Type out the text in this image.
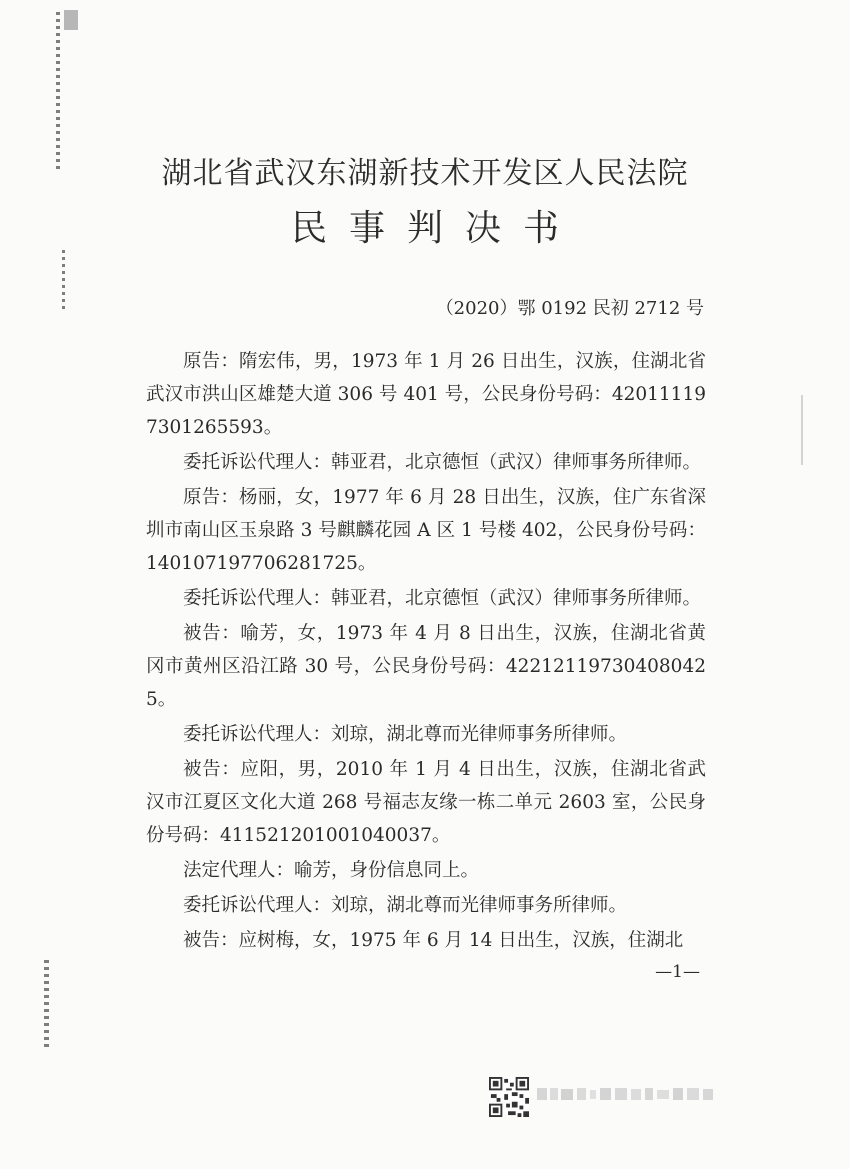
湖北省武汉东湖新技术开发区人民法院
民事判决书
（2020）鄂 0192 民初 2712 号

原告：隋宏伟，男，1973 年 1 月 26 日出生，汉族，住湖北省武汉市洪山区雄楚大道 306 号 401 号，公民身份号码：420111197301265593。

委托诉讼代理人：韩亚君，北京德恒（武汉）律师事务所律师。

原告：杨丽，女，1977 年 6 月 28 日出生，汉族，住广东省深圳市南山区玉泉路 3 号麒麟花园 A 区 1 号楼 402，公民身份号码：140107197706281725。

委托诉讼代理人：韩亚君，北京德恒（武汉）律师事务所律师。

被告：喻芳，女，1973 年 4 月 8 日出生，汉族，住湖北省黄冈市黄州区沿江路 30 号，公民身份号码：422121197304080425。

委托诉讼代理人：刘琼，湖北尊而光律师事务所律师。

被告：应阳，男，2010 年 1 月 4 日出生，汉族，住湖北省武汉市江夏区文化大道 268 号福志友缘一栋二单元 2603 室，公民身份号码：411521201001040037。

法定代理人：喻芳，身份信息同上。

委托诉讼代理人：刘琼，湖北尊而光律师事务所律师。

被告：应树梅，女，1975 年 6 月 14 日出生，汉族，住湖北

—1—
